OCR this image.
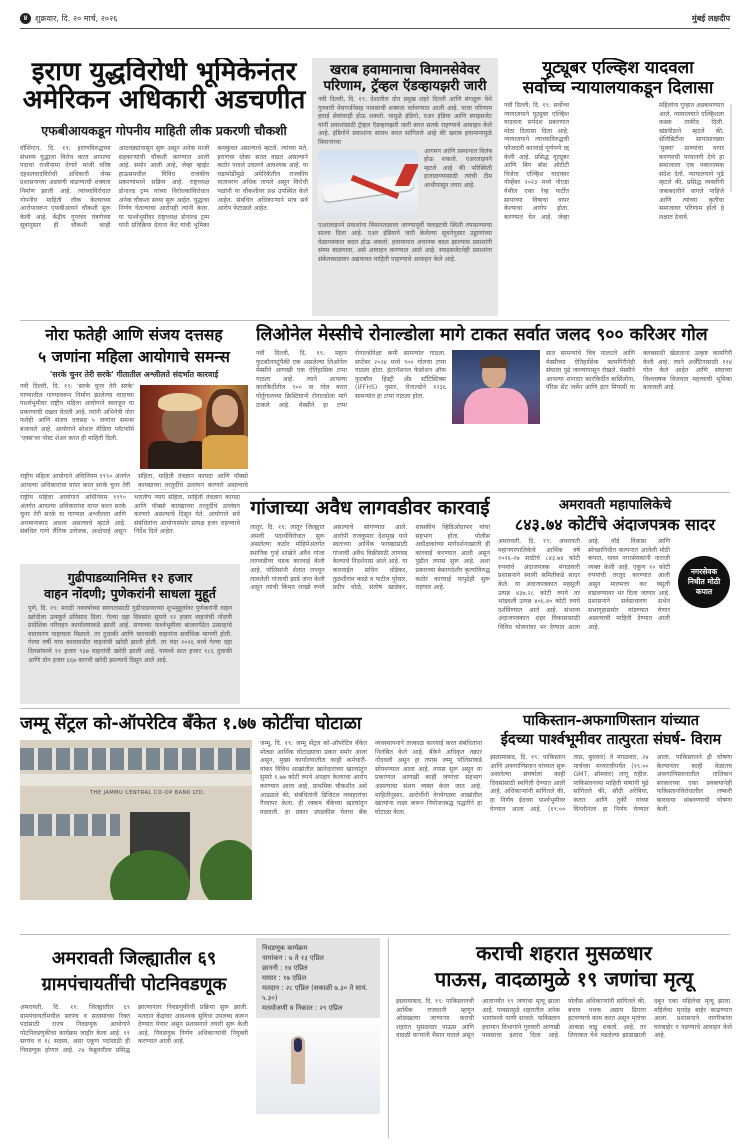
४ शुक्रवार, दि. २० मार्च, २०२६	मुंबई लक्षदीप
इराण युद्धविरोधी भूमिकेनंतर
अमेरिकन अधिकारी अडचणीत
एफबीआयकडून गोपनीय माहिती लीक प्रकरणी चौकशी
वॉशिंग्टन, दि. १९: इराणविरुद्धच्या संभाव्य युद्धाला विरोध करत आपल्या पदाचा राजीनामा देणारे माजी वरिष्ठ दहशतवादविरोधी अधिकारी जेम्स प्रशासनाच्या अडचणी वाढण्याची शक्यता निर्माण झाली आहे. त्यांच्याविरोधात गोपनीय माहिती लीक केल्याच्या आरोपावरून एफबीआयने चौकशी सुरू केली आहे. केंद्रीय गुप्तचर यंत्रणेच्या सूत्रांनुसार ही चौकशी काही आठवड्यांपासून सुरू असून अनेक माजी सहकाऱ्यांची चौकशी करण्यात आली आहे. समोर आली आहे, जेव्हा व्हाईट हाऊसमधील विविध राजकीय प्रकरणांमध्ये सक्रिय आहे. राष्ट्राध्यक्ष डोनाल्ड ट्रम्प यांच्या विरोधकांविरोधात अनेक चौकशा सध्या सुरू आहेत. युद्धाचा निर्णय घेतल्याचा आरोपही त्यांनी केला. या पार्श्वभूमीवर राष्ट्राध्यक्ष डोनाल्ड ट्रम्प यांनी प्रतिक्रिया देताना केंट यांची भूमिका कमकुवत असल्याचे म्हटले. त्यांच्या मते, इराणचा धोका सतत वाढत असल्याने कठोर पावले उचलणे आवश्यक आहे. या घडामोडींमुळे अमेरिकेतील राजकीय वातावरण अधिक तापले असून विरोधी पक्षांनी या चौकशीवर प्रश्न उपस्थित केले आहेत. संबंधित अधिकाऱ्याने मात्र सर्व आरोप फेटाळले आहेत.
खराब हवामानाचा विमानसेवेवर
परिणाम, ट्रॅव्हल ऍडव्हायझरी जारी
नवी दिल्ली, दि. १९: देशातील दोन प्रमुख शहरे दिल्ली आणि बंगळूरू येथे गुरुवारी मेघगर्जनेसह पावसाची शक्यता वर्तवण्यात आली आहे. याचा परिणाम हवाई सेवांवरही होऊ शकतो. यामुळे इंडिगो, एअर इंडिया आणि स्पाइसजेट यांनी प्रवाशांसाठी ट्रॅव्हल ऍडव्हायझरी जारी करत सतर्क राहण्याचे आवाहन केले आहे. इंडिगोने प्रवाशांना सावध करत सांगितले आहे की खराब हवामानामुळे विमानांच्या
आगमन आणि प्रस्थानात विलंब होऊ शकतो. एअरलाइनने म्हटले आहे की परिस्थिती हाताळण्यासाठी त्यांची टीम आधीपासून तयार आहे.
एअरलाइनने प्रवाशांना विमानतळावर जाण्यापूर्वी फ्लाइटची स्थिती तपासण्याचा सल्ला दिला आहे. एअर इंडियाने जारी केलेल्या सूचनेनुसार उड्डाणांच्या वेळापत्रकात बदल होऊ शकतो. हवामानात अचानक बदल झाल्यास प्रवाशांनी संयम बाळगावा, असे आवाहन करण्यात आले आहे. स्पाइसजेटनेही प्रवाशांना संकेतस्थळावर अद्ययावत माहिती पाहण्याचे आवाहन केले आहे.
यूट्यूबर एल्व्हिश यादवला
सर्वोच्च न्यायालयाकडून दिलासा
नवी दिल्ली, दि. १९: सर्वोच्च न्यायालयाने यूट्यूबर एल्व्हिश यादवला सर्पदंश प्रकरणात मोठा दिलासा दिला आहे. न्यायालयाने त्याच्याविरुद्धची फौजदारी कारवाई पूर्णपणे रद्द केली आहे. प्रसिद्ध यूट्यूबर आणि बिग बॉस ओटीटी विजेता एल्व्हिश यादववर नोव्हेंबर २०२३ मध्ये नोएडा येथील एका रेव्ह पार्टीत सापांच्या विषाचा वापर केल्याचा आरोप होता. करण्यात येत आहे. जेव्हा महिलांना गुन्हात अडकवण्यात आले, न्यायालयाने एल्व्हिशला कडक ताकीद दिली. खंडपीठाने म्हटले की, सेलिब्रिटींना सापांसारख्या 'मुक्या' प्राण्यांचा वापर करण्याची परवानगी देणे हा समाजाला एक नकारात्मक संदेश देतो. न्यायालयाने पुढे म्हटले की, प्रसिद्ध व्यक्तींनी जबाबदारीने वागले पाहिजे आणि त्यांच्या कृतीचा समाजावर परिणाम होतो हे लक्षात ठेवावे.
नोरा फतेही आणि संजय दत्तसह
५ जणांना महिला आयोगाचे समन्स
'सरके चुनर तेरी सरके' गीतातील अश्लीलते संदर्भात कारवाई
नवी दिल्ली, दि. १९: 'सरके चुनर तेरी सरके' गाण्यातील गाण्यावरून निर्माण झालेल्या वादाच्या पार्श्वभूमीवर राष्ट्रीय महिला आयोगाने स्वतःहून या प्रकरणाची दखल घेतली आहे. त्यांनी अभिनेत्री नोरा फतेही आणि संजय दत्तसह ५ जणांना समन्स बजावले आहे. आयोगाने सोशल मीडिया प्लॅटफॉर्म 'एक्स'वर पोस्ट शेअर करत ही माहिती दिली.
राष्ट्रीय महिला आयोगाने अधिनियम १९९० अंतर्गत आपल्या अधिकारांचा वापर करत सरके चुनर तेरी संहिता, माहिती तंत्रज्ञान कायदा आणि पॉक्सो कायद्याच्या तरतुदींचे उल्लंघन करणारे असल्याचे
लिओनेल मेस्सीचे रोनाल्डोला मागे टाकत सर्वात जलद ९०० करिअर गोल
नवी दिल्ली, दि. १९: महान फुटबॉलपटूंपैकी एक असलेल्या लिओनेल मेस्सीने आणखी एक ऐतिहासिक टप्पा गाठला आहे. त्याने आपल्या कारकिर्दीतील ९०० वा गोल करत पोर्तुगालच्या क्रिस्टियानो रोनाल्डोला मागे टाकले आहे. मेस्सीने हा टप्पा रोनाल्डोपेक्षा कमी सामन्यांत गाठला. सप्टेंबर २०२४ मध्ये ९०० गोलचा टप्पा गाठला होता. इंटरनॅशनल फेडरेशन ऑफ फुटबॉल हिस्ट्री अँड स्टॅटिस्टिक्स (IFFHS) नुसार, रोनाल्डोने १२३६ सामन्यांत हा टप्पा गाठला होता.
सात सामन्यांचे चित्र पालटले आणि मेस्सीच्या ऐतिहासिक कामगिरीनेही संघाला पुढे जाण्यापासून रोखले. मेस्सीने आपल्या शानदार कारकिर्दीत बार्सिलोना, पॅरिस सेंट जर्मेन आणि इंटर मियामी या क्लबसाठी खेळताना उत्कृष्ट कामगिरी केली आहे. त्याने अर्जेंटिनासाठी ११४ गोल केले आहेत आणि संघाच्या विश्वचषक विजयात महत्त्वाची भूमिका बजावली आहे.
गुढीपाडव्यानिमित्त १२ हजार
वाहन नोंदणी; पुणेकरांनी साधला मुहूर्त
पुणे, दि. १९: मराठी नववर्षाच्या स्वागतासाठी गुढीपाडव्याच्या शुभमुहूर्तावर पुणेकरांनी वाहन खरेदीला उत्स्फूर्त प्रतिसाद दिला. गेल्या दहा दिवसांत सुमारे १२ हजार वाहनांची नोंदणी प्रादेशिक परिवहन कार्यालयाकडे झाली आहे. सणाच्या पार्श्वभूमीवर बाजारपेठेत उत्साहाचे वातावरण पाहायला मिळाले. तर दुचाकी आणि चारचाकी वाहनांना सर्वाधिक मागणी होती. गेल्या वर्षी याच कालावधीत वाहनांची खरेदी झाली होती. तर यंदा २०२६ मध्ये गेल्या दहा दिवसांमध्ये ११ हजार ९३७ वाहनांची खरेदी झाली आहे. यामध्ये सात हजार १८६ दुचाकी आणि दोन हजार ६६७ कारची खरेदी झाल्याचे दिसून आले आहे.
राष्ट्रीय महिला आयोगाने अधिनियम १९९० अंतर्गत आपल्या अधिकारांचा वापर करत सरके चुनर तेरी सरके या गाण्यात अश्लीलता आणि अपमानास्पद आशय असल्याचे म्हटले आहे. संबंधित गाणे लैंगिक उत्तेजक, आक्षेपार्ह असून भारतीय न्याय संहिता, माहिती तंत्रज्ञान कायदा आणि पॉक्सो कायद्याच्या तरतुदींचे उल्लंघन करणारे असल्याचे दिसून येते. आयोगाने सर्व संबंधितांना आयोगासमोर प्रत्यक्ष हजर राहण्याचे निर्देश दिले आहेत.
गांजाच्या अवैध लागवडीवर कारवाई
लातूर, दि. १९: लातूर जिल्ह्यात अंमली पदार्थविरोधात सुरू असलेल्या कठोर मोहिमेअंतर्गत स्थानिक गुन्हे शाखेने अवैध गांजा लागवडीवर धडक कारवाई केली आहे. पोलिसांनी शेतात लपवून लावलेली गांजाची झाडे जप्त केली असून त्यांची किंमत लाखो रुपये असल्याचे सांगण्यात आले. आरोपी राजकुमार देशमुख याने स्वतःच्या आर्थिक फायद्यासाठी गांजाची अवैध विक्रीसाठी लागवड केल्याचे निदर्शनास आले आहे. या कारवाईत सचिन धोंडेकर, तुळशीराम काळे व पाटील पुरेवार, प्रदीप चोळे, संतोष खाडेकर, शासकीय व्हिडिओग्राफर यांचा सहभाग होता. पोलीस अधीक्षकांच्या मार्गदर्शनाखाली ही कारवाई करण्यात आली असून पुढील तपास सुरू आहे. अशा प्रकारच्या बेकायदेशीर कृत्यांविरुद्ध कठोर कारवाई यापुढेही सुरू राहणार आहे.
अमरावती महापालिकेचे
८४३.७४ कोटींचे अंदाजपत्रक सादर
अमरावती, दि. १९: अमरावती महानगरपालिकेचे आर्थिक वर्ष २०२६-२७ साठीचे ८४३.७४ कोटी रुपयांचे अंदाजपत्रक मंगळवारी प्रशासनाने स्थायी समितीकडे सादर केले. या अंदाजपत्रकात महसुली उत्पन्न ४३७.२८ कोटी रुपये तर भांडवली उत्पन्न ४०६.४० कोटी रुपये दर्शविण्यात आले आहे. संभाव्य अंदाजपत्रकात शहर विकासासाठी विविध योजनांवर भर देण्यात आला आहे. वॉर्ड विकास आणि स्वेच्छानिधीत कल्पनात आलेली मोठी कपात, यावर नगरसेवकांनी नाराजी व्यक्त केली आहे. एकूण १० कोटी रुपयांची तरतूद करण्यात आली असून मालमत्ता कर वसुली वाढवण्यावर भर दिला जाणार आहे. प्रशासनाने सर्वसाधारण सभेत सभागृहासमोर मांडण्यात येणार असल्याची माहिती देण्यात आली आहे.
नगरसेवक निधीत मोठी कपात
जम्मू सेंट्रल को-ऑपरेटिव बँकेत १.७७ कोटींचा घोटाळा
THE JAMMU CENTRAL CO-OP BANK LTD.
जम्मू, दि. १९: जम्मू सेंट्रल को-ऑपरेटिव बँकेत मोठ्या आर्थिक घोटाळ्याचा प्रकार समोर आला असून, मुख्य कार्यालयातील काही कर्मचारी-वांकर विविध शाखांतील खातेदारांच्या खात्यांतून सुमारे १.७७ कोटी रुपये अपहार केल्याचा आरोप करण्यात आला आहे. प्राथमिक चौकशीत असे आढळले की, संबंधितांनी डिजिटल व्यवहारांचा गैरवापर केला. ही रक्कम बँकेच्या खात्यांतून वळवली. हा प्रकार उघडकीस येताच बँक व्यवस्थापनाने तात्काळ कारवाई करत संबंधितांना निलंबित केले आहे. बँकेने अधिकृत तक्रार नोंदवली असून हा तपास जम्मू पोलिसांकडे सोपवण्यात आला आहे. तपास सुरू असून या प्रकरणात आणखी काही जणांचा सहभाग असल्याचा संशय व्यक्त केला जात आहे. माहितीनुसार, आरोपींनी वेगवेगळ्या शाखांतील खात्यांना लक्ष्य करून नियोजनबद्ध पद्धतीने हा घोटाळा केला.
पाकिस्तान-अफगाणिस्तान यांच्यात
ईदच्या पार्श्वभूमीवर तात्पुरता संघर्ष- विराम
इस्लामाबाद, दि. १९: पाकिस्तान आणि अफगाणिस्तान यांच्यात सुरू असलेल्या संघर्षाला काही दिवसांसाठी स्थगिती देण्यात आली आहे. अधिकाऱ्यांनी सांगितले की, हा निर्णय ईदच्या पार्श्वभूमीवर घेण्यात आला आहे. (१९:०० तास, बुधवार) ते मंगळवार, २४ मार्चच्या मध्यरात्रीपर्यंत (१९:०० GMT, सोमवार) लागू राहील. पाकिस्तानच्या माहिती मंत्र्यांनी पुढे सांगितले की, सौदी अरेबिया, कतार आणि तुर्की यांच्या विनंतीनंतर हा निर्णय घेण्यात आला. पाकिस्तानने ही घोषणा केल्यानंतर काही वेळातच अफगाणिस्तानातील तालिबान सरकारच्या एका प्रवक्त्यानेही पाकिस्तानविरोधातील लष्करी कारवाया थांबवण्याची घोषणा केली.
अमरावती जिल्ह्यातील ६९
ग्रामपंचायतींची पोटनिवडणूक
अमरावती, दि. १९: जिल्ह्यातील ६९ ग्रामपंचायतींमधील सरपंच व सदस्यांच्या रिक्त पदांसाठी राज्य निवडणूक आयोगाने पोटनिवडणुकीचा कार्यक्रम जाहीर केला आहे. ११ सरपंच व १८ सदस्य, असा एकूण पदांसाठी ही निवडणूक होणार आहे. २४ फेब्रुवारीला प्रसिद्ध झाल्यानंतर निवडणुकीची प्रक्रिया सुरू झाली. मतदान केंद्रांवर आवश्यक सुविधा उपलब्ध करून देण्यात येणार असून प्रशासनाने तयारी सुरू केली आहे. निवडणूक निर्णय अधिकाऱ्यांची नियुक्ती करण्यात आली आहे.
निवडणूक कार्यक्रम
नामांकन : ७ ते १३ एप्रिल
छाननी : १४ एप्रिल
माघार : १७ एप्रिल
मतदान : २८ एप्रिल (सकाळी ७.३० ते सायं. ५.३०)
मतमोजणी व निकाल : २९ एप्रिल
कराची शहरात मुसळधार
पाऊस, वादळामुळे १९ जणांचा मृत्यू
इस्लामाबाद, दि. १९: पाकिस्तानची आर्थिक राजधानी म्हणून ओळखल्या जाणाऱ्या कराची शहरात मुसळधार पाऊस आणि वादळी वाऱ्यांनी थैमान घातले असून आतापर्यंत १९ जणांचा मृत्यू झाला आहे. पावसामुळे शहरातील अनेक भागांमध्ये पाणी साचले. पाकिस्तान हवामान विभागाने गुरुवारी आणखी पावसाचा इशारा दिला आहे. पोलीस अधिकाऱ्यांनी सांगितले की, बचाव पथक अद्याप ढिगारा हटवण्याचे काम करत असून मृतांचा आकडा वाढू शकतो. आहे, तर लियाकत येथे पडलेल्या झाडाखाली दबून एका महिलेचा मृत्यू झाला. महिलेचा मृतदेह बाहेर काढण्यात आला. प्रशासनाने नागरिकांना घराबाहेर न पडण्याचे आवाहन केले आहे.
